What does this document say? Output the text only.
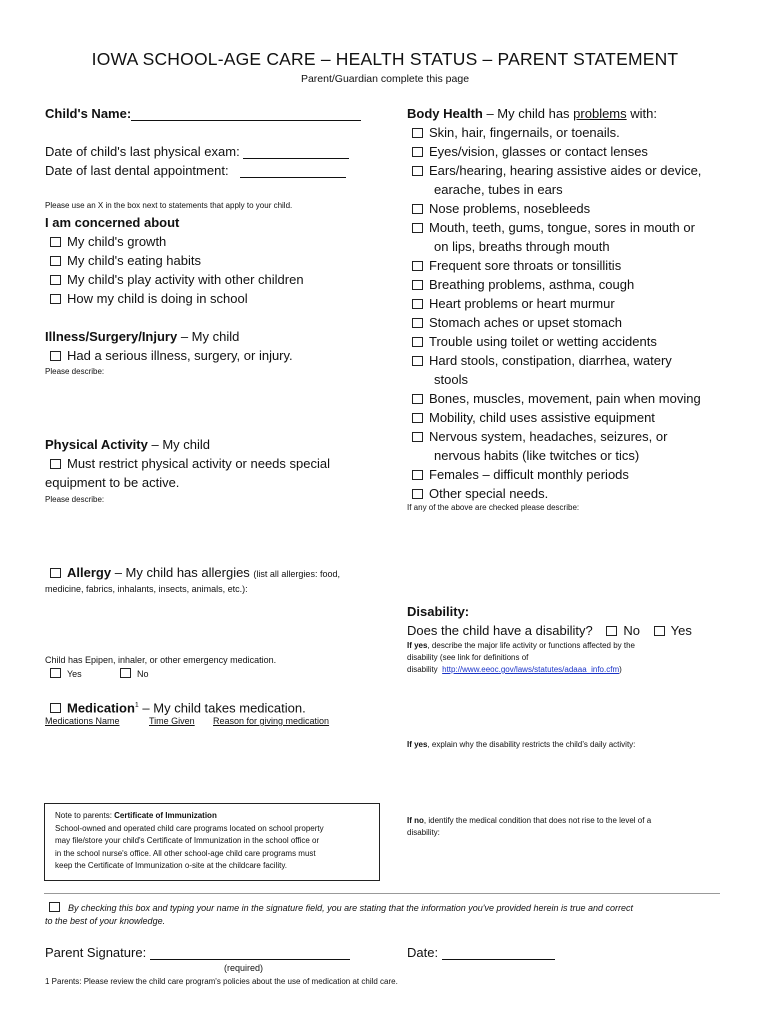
IOWA SCHOOL-AGE CARE – HEALTH STATUS – PARENT STATEMENT
Parent/Guardian complete this page
Child's Name:
Date of child's last physical exam:
Date of last dental appointment:
Please use an X in the box next to statements that apply to your child.
I am concerned about
My child's growth
My child's eating habits
My child's play activity with other children
How my child is doing in school
Illness/Surgery/Injury – My child
Had a serious illness, surgery, or injury.
Please describe:
Physical Activity – My child
Must restrict physical activity or needs special
equipment to be active.
Please describe:
Allergy – My child has allergies (list all allergies: food,
medicine, fabrics, inhalants, insects, animals, etc.):
Child has Epipen, inhaler, or other emergency medication.
Yes	No
Medication$^1$ – My child takes medication.
Medications Name	Time Given Reason for giving medication
Note to parents: Certificate of Immunization
School-owned and operated child care programs located on school property
may file/store your child's Certificate of Immunization in the school office or
in the school nurse's office. All other school-age child care programs must
keep the Certificate of Immunization o-site at the childcare facility.
Body Health – My child has problems with:
Skin, hair, fingernails, or toenails.
Eyes/vision, glasses or contact lenses
Ears/hearing, hearing assistive aides or device,
earache, tubes in ears
Nose problems, nosebleeds
Mouth, teeth, gums, tongue, sores in mouth or
on lips, breaths through mouth
Frequent sore throats or tonsillitis
Breathing problems, asthma, cough
Heart problems or heart murmur
Stomach aches or upset stomach
Trouble using toilet or wetting accidents
Hard stools, constipation, diarrhea, watery
stools
Bones, muscles, movement, pain when moving
Mobility, child uses assistive equipment
Nervous system, headaches, seizures, or
nervous habits (like twitches or tics)
Females – difficult monthly periods
Other special needs.
If any of the above are checked please describe:
Disability:
Does the child have a disability? No Yes
If yes, describe the major life activity or functions affected by the
disability (see link for definitions of
disability  http://www.eeoc.gov/laws/statutes/adaaa_info.cfm)
If yes, explain why the disability restricts the child’s daily activity:
If no, identify the medical condition that does not rise to the level of a
disability:
By checking this box and typing your name in the signature field, you are stating that the information you've provided herein is true and correct
to the best of your knowledge.
Parent Signature:	Date:
(required)
1 Parents: Please review the child care program's policies about the use of medication at child care.
